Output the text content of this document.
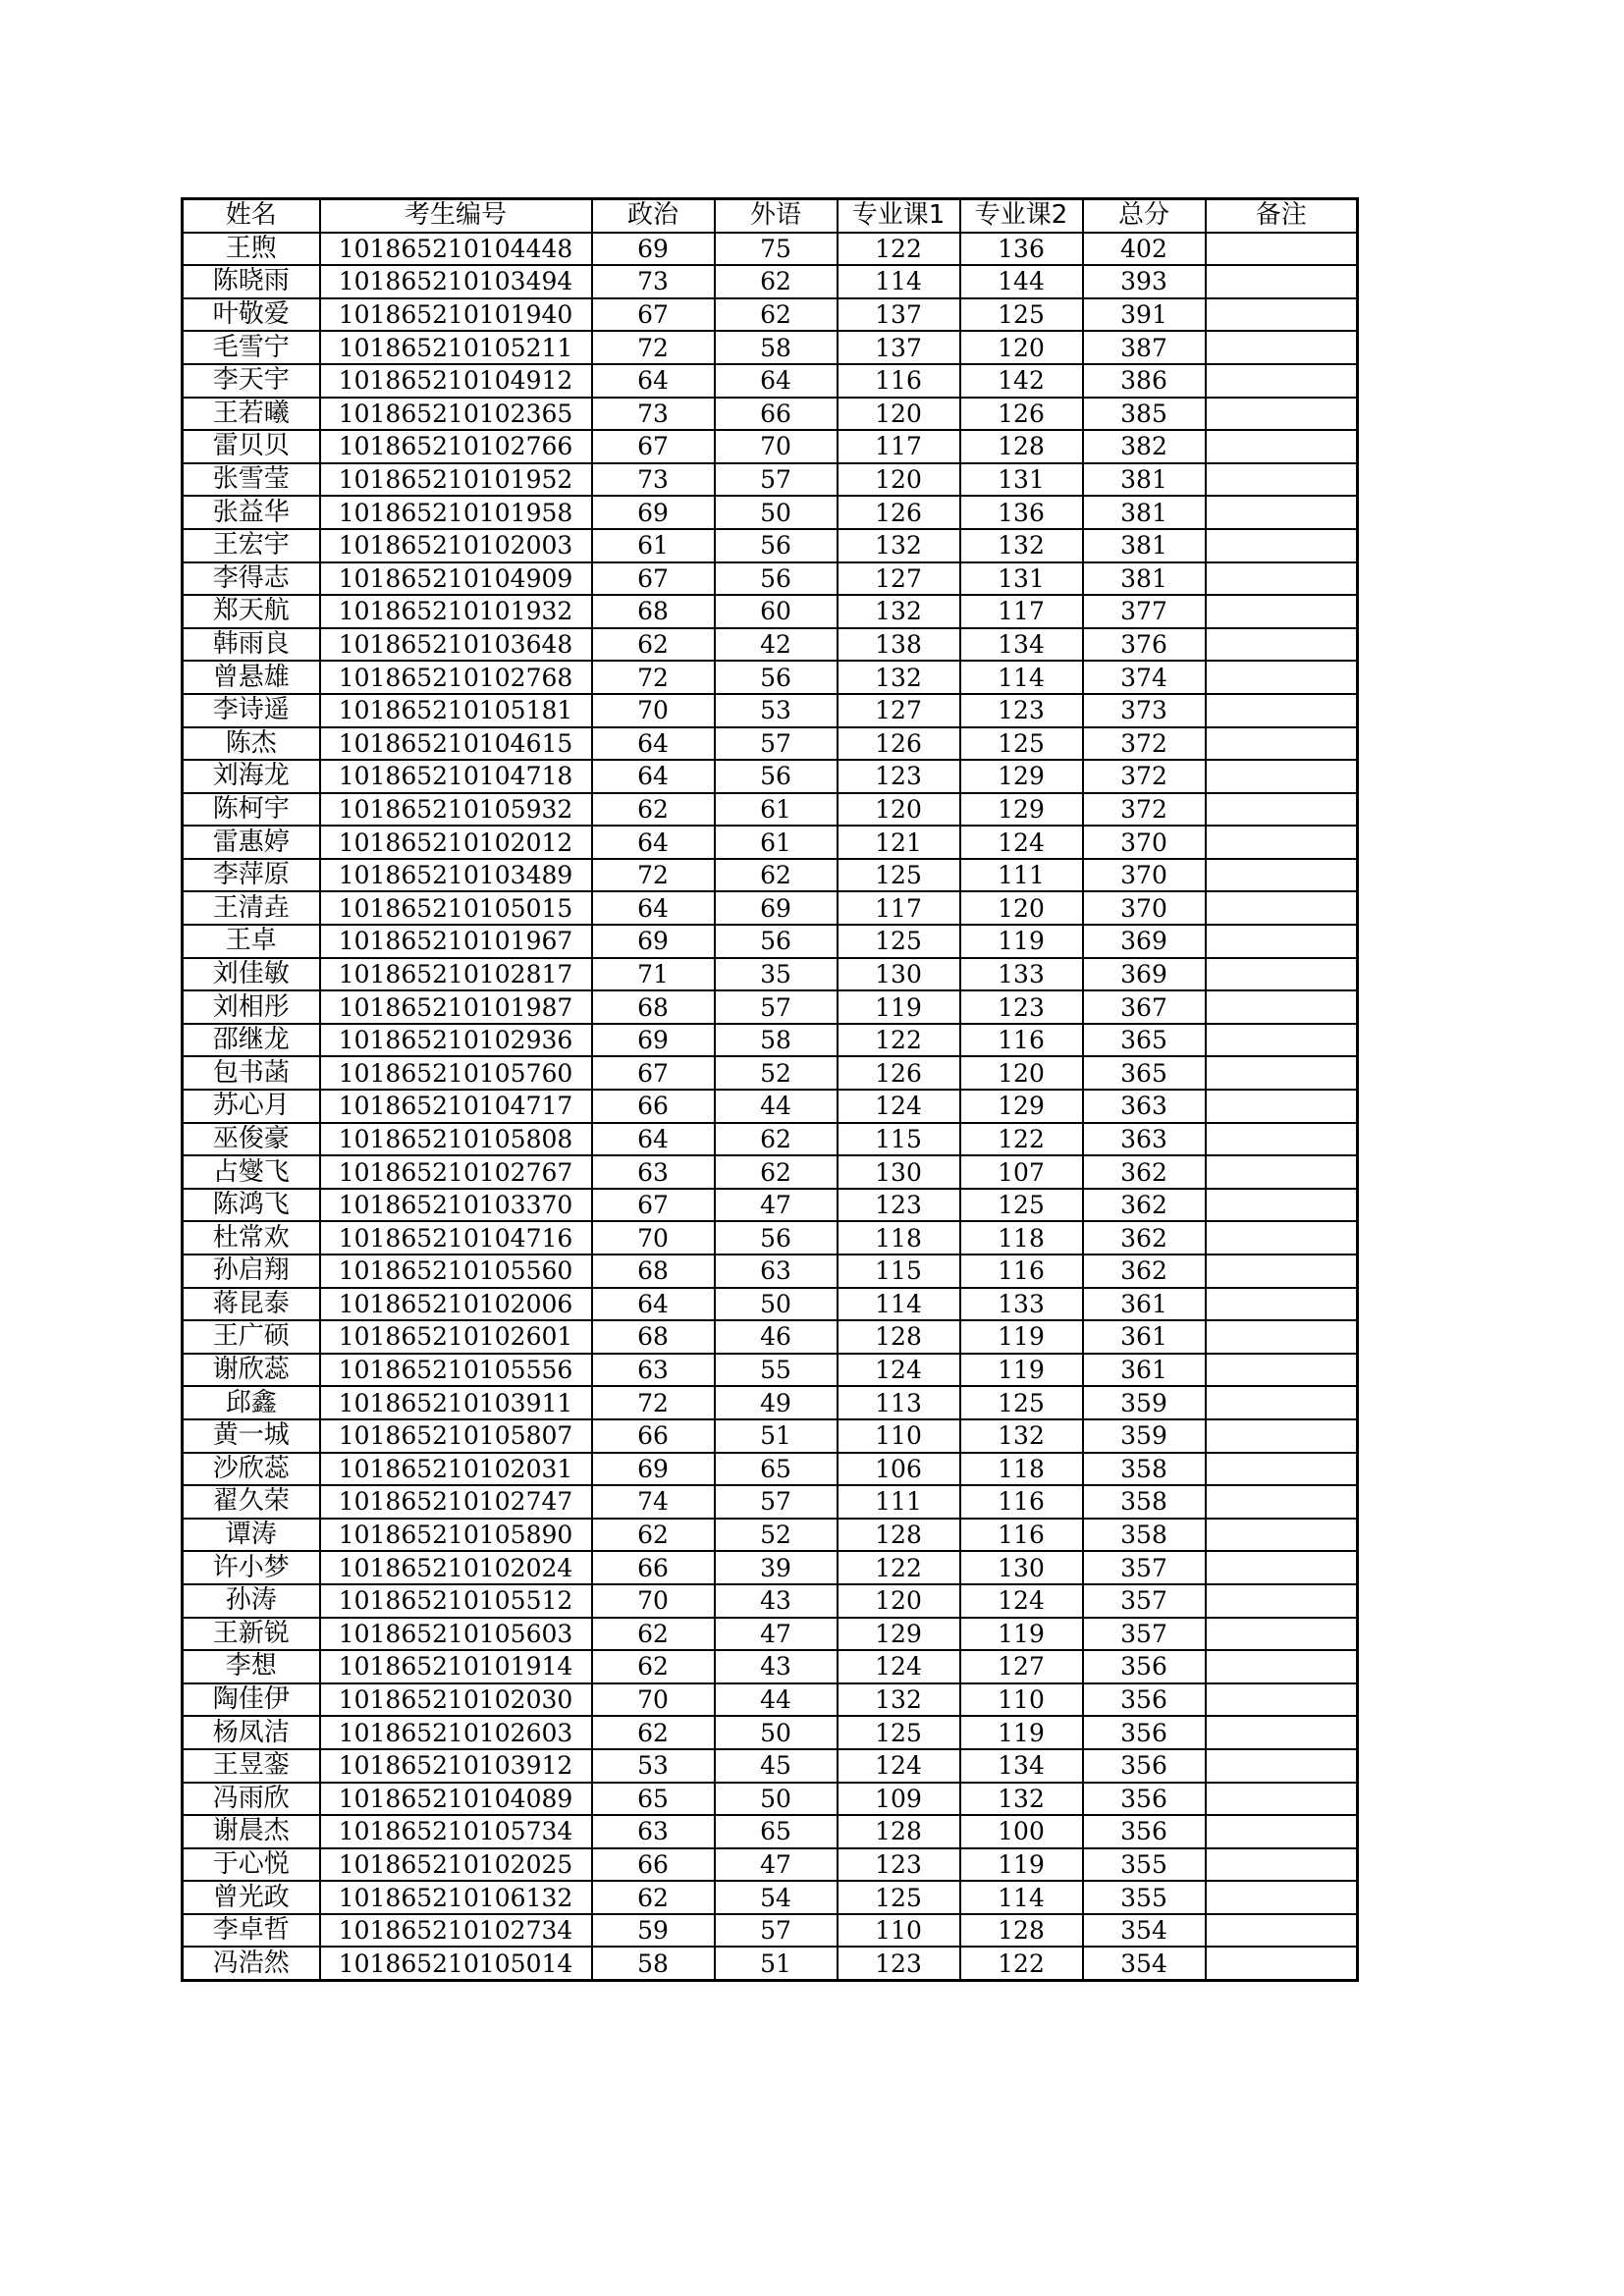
姓名	考生编号	政治	外语	专业课1	专业课2	总分	备注
王煦	101865210104448	69	75	122	136	402	
陈晓雨	101865210103494	73	62	114	144	393	
叶敬爱	101865210101940	67	62	137	125	391	
毛雪宁	101865210105211	72	58	137	120	387	
李天宇	101865210104912	64	64	116	142	386	
王若曦	101865210102365	73	66	120	126	385	
雷贝贝	101865210102766	67	70	117	128	382	
张雪莹	101865210101952	73	57	120	131	381	
张益华	101865210101958	69	50	126	136	381	
王宏宇	101865210102003	61	56	132	132	381	
李得志	101865210104909	67	56	127	131	381	
郑天航	101865210101932	68	60	132	117	377	
韩雨良	101865210103648	62	42	138	134	376	
曾悬雄	101865210102768	72	56	132	114	374	
李诗遥	101865210105181	70	53	127	123	373	
陈杰	101865210104615	64	57	126	125	372	
刘海龙	101865210104718	64	56	123	129	372	
陈柯宇	101865210105932	62	61	120	129	372	
雷惠婷	101865210102012	64	61	121	124	370	
李萍原	101865210103489	72	62	125	111	370	
王清垚	101865210105015	64	69	117	120	370	
王卓	101865210101967	69	56	125	119	369	
刘佳敏	101865210102817	71	35	130	133	369	
刘相彤	101865210101987	68	57	119	123	367	
邵继龙	101865210102936	69	58	122	116	365	
包书菡	101865210105760	67	52	126	120	365	
苏心月	101865210104717	66	44	124	129	363	
巫俊豪	101865210105808	64	62	115	122	363	
占燮飞	101865210102767	63	62	130	107	362	
陈鸿飞	101865210103370	67	47	123	125	362	
杜常欢	101865210104716	70	56	118	118	362	
孙启翔	101865210105560	68	63	115	116	362	
蒋昆泰	101865210102006	64	50	114	133	361	
王广硕	101865210102601	68	46	128	119	361	
谢欣蕊	101865210105556	63	55	124	119	361	
邱鑫	101865210103911	72	49	113	125	359	
黄一城	101865210105807	66	51	110	132	359	
沙欣蕊	101865210102031	69	65	106	118	358	
翟久荣	101865210102747	74	57	111	116	358	
谭涛	101865210105890	62	52	128	116	358	
许小梦	101865210102024	66	39	122	130	357	
孙涛	101865210105512	70	43	120	124	357	
王新锐	101865210105603	62	47	129	119	357	
李想	101865210101914	62	43	124	127	356	
陶佳伊	101865210102030	70	44	132	110	356	
杨凤洁	101865210102603	62	50	125	119	356	
王昱銮	101865210103912	53	45	124	134	356	
冯雨欣	101865210104089	65	50	109	132	356	
谢晨杰	101865210105734	63	65	128	100	356	
于心悦	101865210102025	66	47	123	119	355	
曾光政	101865210106132	62	54	125	114	355	
李卓哲	101865210102734	59	57	110	128	354	
冯浩然	101865210105014	58	51	123	122	354	
